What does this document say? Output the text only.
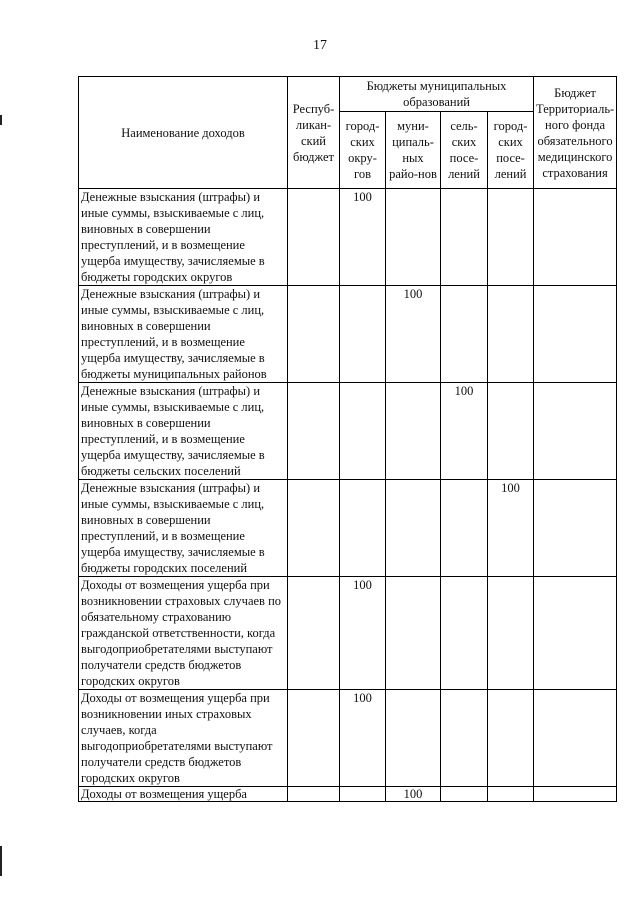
17
Наименование доходов	Респуб-ликан-ский бюджет	Бюджеты муниципальных образований				Бюджет Территориаль-ного фонда обязательного медицинского страхования
		город-ских окру-гов	муни-ципаль-ных райо-нов	сель-ских посе-лений	город-ских посе-лений	
Денежные взыскания (штрафы) и иные суммы, взыскиваемые с лиц, виновных в совершении преступлений, и в возмещение ущерба имуществу, зачисляемые в бюджеты городских округов		100				
Денежные взыскания (штрафы) и иные суммы, взыскиваемые с лиц, виновных в совершении преступлений, и в возмещение ущерба имуществу, зачисляемые в бюджеты муниципальных районов			100			
Денежные взыскания (штрафы) и иные суммы, взыскиваемые с лиц, виновных в совершении преступлений, и в возмещение ущерба имуществу, зачисляемые в бюджеты сельских поселений				100		
Денежные взыскания (штрафы) и иные суммы, взыскиваемые с лиц, виновных в совершении преступлений, и в возмещение ущерба имуществу, зачисляемые в бюджеты городских поселений					100	
Доходы от возмещения ущерба при возникновении страховых случаев по обязательному страхованию гражданской ответственности, когда выгодоприобретателями выступают получатели средств бюджетов городских округов		100				
Доходы от возмещения ущерба при возникновении иных страховых случаев, когда выгодоприобретателями выступают получатели средств бюджетов городских округов		100				
Доходы от возмещения ущерба			100			
